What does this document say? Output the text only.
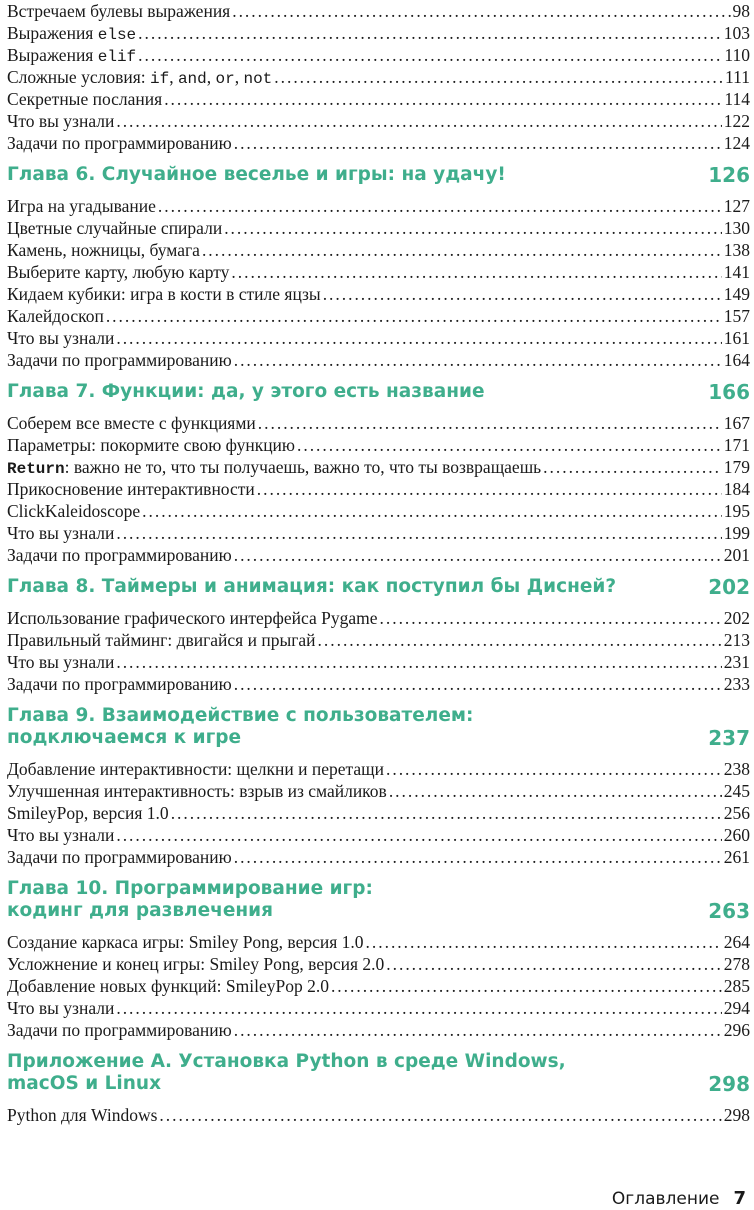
Встречаем булевы выражения . . .	98
Выражения else . . .	103
Выражения elif . . .	110
Сложные условия: if, and, or, not . . .	111
Секретные послания . . .	114
Что вы узнали . . .	122
Задачи по программированию . . .	124
Глава 6. Случайное веселье и игры: на удачу!	126
Игра на угадывание . . .	127
Цветные случайные спирали . . .	130
Камень, ножницы, бумага . . .	138
Выберите карту, любую карту . . .	141
Кидаем кубики: игра в кости в стиле яцзы . . .	149
Калейдоскоп . . .	157
Что вы узнали . . .	161
Задачи по программированию . . .	164
Глава 7. Функции: да, у этого есть название	166
Соберем все вместе с функциями . . .	167
Параметры: покормите свою функцию . . .	171
Return: важно не то, что ты получаешь, важно то, что ты возвращаешь . . .	179
Прикосновение интерактивности . . .	184
ClickKaleidoscope . . .	195
Что вы узнали . . .	199
Задачи по программированию . . .	201
Глава 8. Таймеры и анимация: как поступил бы Дисней?	202
Использование графического интерфейса Pygame . . .	202
Правильный тайминг: двигайся и прыгай . . .	213
Что вы узнали . . .	231
Задачи по программированию . . .	233
Глава 9. Взаимодействие с пользователем:
подключаемся к игре	237
Добавление интерактивности: щелкни и перетащи . . .	238
Улучшенная интерактивность: взрыв из смайликов . . .	245
SmileyPop, версия 1.0 . . .	256
Что вы узнали . . .	260
Задачи по программированию . . .	261
Глава 10. Программирование игр:
кодинг для развлечения	263
Создание каркаса игры: Smiley Pong, версия 1.0 . . .	264
Усложнение и конец игры: Smiley Pong, версия 2.0 . . .	278
Добавление новых функций: SmileyPop 2.0 . . .	285
Что вы узнали . . .	294
Задачи по программированию . . .	296
Приложение А. Установка Python в среде Windows,
macOS и Linux	298
Python для Windows . . .	298
Оглавление 7
